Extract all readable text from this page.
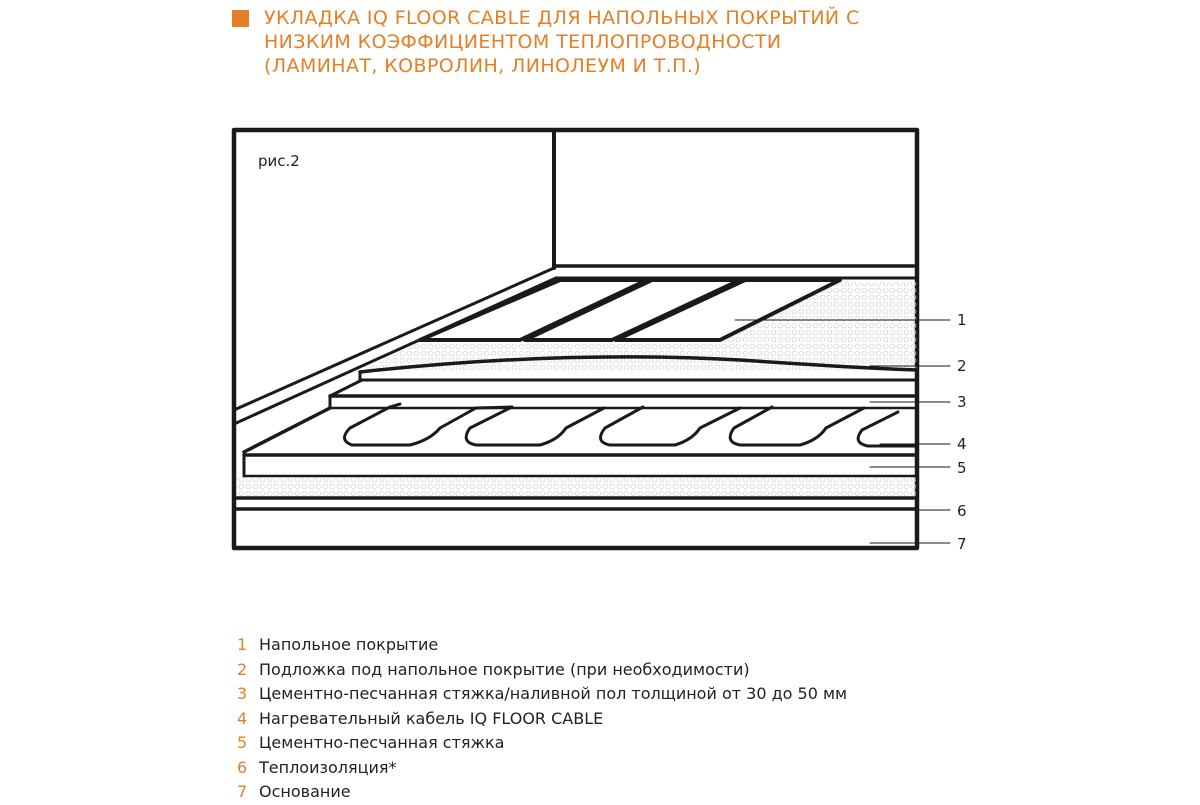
УКЛАДКА IQ FLOOR CABLE ДЛЯ НАПОЛЬНЫХ ПОКРЫТИЙ С
НИЗКИМ КОЭФФИЦИЕНТОМ ТЕПЛОПРОВОДНОСТИ
(ЛАМИНАТ, КОВРОЛИН, ЛИНОЛЕУМ И Т.П.)
рис.2
1
2
3
4
5
6
7
1 Напольное покрытие
2 Подложка под напольное покрытие (при необходимости)
3 Цементно-песчанная стяжка/наливной пол толщиной от 30 до 50 мм
4 Нагревательный кабель IQ FLOOR CABLE
5 Цементно-песчанная стяжка
6 Теплоизоляция*
7 Основание
